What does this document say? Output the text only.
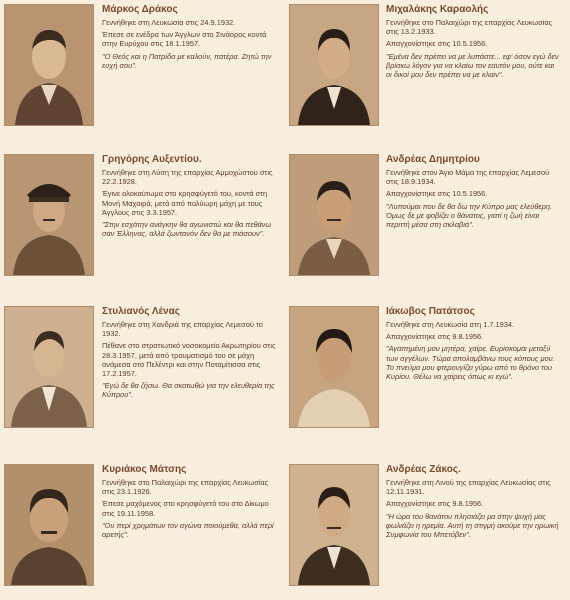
Μάρκος Δράκος

Γεννήθηκε στη Λευκωσία στις 24.9.1932.

Έπεσε σε ενέδρα των Άγγλων στο Σινάορος κοντά στην Ευρύχου στις 18.1.1957.

"Ο Θεός και η Πατρίδα με καλούν, πατέρα. Ζητώ την ευχή σου".

Μιχαλάκης Καραολής

Γεννήθηκε στο Παλαιχώρι της επαρχίας Λευκωσίας στις 13.2.1933.

Απαγχονίστηκε στις 10.5.1956.

"Εμένα δεν πρέπει να με λυπάστε... εφ' όσον εγώ δεν βρίσκω λόγον για να κλαίω τον εαυτόν μου, ούτε και οι δικοί μου δεν πρέπει να με κλαιν".

Γρηγόρης Αυξεντίου.

Γεννήθηκε στη Λύση της επαρχίας Αμμοχώστου στις 22.2.1928.

Έγινε ολοκαύτωμα στο κρησφύγετό του, κοντά στη Μονή Μαχαιρά, μετά από πολύωρη μάχη με τους Άγγλους στις 3.3.1957.

"Στην εσχάτην ανάγκην θα αγωνιστώ και θα πεθάνω σαν Έλληνας, αλλά ζωντανόν δεν θα με πιάσουν".

Ανδρέας Δημητρίου

Γεννήθηκε στον Άγιο Μάμα της επαρχίας Λεμεσού στις 18.9.1934.

Απαγχονίστηκε στις 10.5.1956.

"Λυπούμαι που δε θα δω την Κύπρο μας ελεύθερη. Όμως δε με φοβίζει ο θάνατος, γιατί η ζωή είναι περιττή μέσα στη σκλαβιά".

Στυλιανός Λένας

Γεννήθηκε στη Χανδριά της επαρχίας Λεμεσού το 1932.

Πέθανε στο στρατιωτικό νοσοκομείο Ακρωτηρίου στις 28.3.1957, μετά από τραυματισμό του σε μάχη ανάμεσα στο Πελέντρι και στην Ποταμίτισσα στις 17.2.1957.

"Εγώ δε θα ζήσω. Θα σκοτωθώ για την ελευθερία της Κύπρου".

Ιάκωβος Πατάτσος

Γεννήθηκε στη Λευκωσία στη 1.7.1934.

Απαγχονίστηκε στις 9.8.1956.

"Αγαπημένη μου μητέρα, χαίρε. Ευρίσκομαι μεταξύ των αγγέλων. Τώρα απολαμβάνω τους κόπους μου. Το πνεύμα μου φτερουγίζει γύρω από το θρόνο του Κυρίου. Θέλω να χαίρεις όπως κι εγώ".

Κυριάκος Μάτσης

Γεννήθηκε στο Παλαιχώρι της επαρχίας Λευκωσίας στις 23.1.1926.

Έπεσε μαχόμενος στο κρησφύγετό του στο Δίκωμο στις 19.11.1958.

"Ου περί χρημάτων τον αγώνα ποιούμεθα, αλλά περί αρετής".

Ανδρέας Ζάκος.

Γεννήθηκε στη Λινού της επαρχίας Λευκωσίας στις 12.11.1931.

Απαγχονίστηκε στις 9.8.1956.

"Η ώρα του θανάτου πλησιάζει μα στην ψυχή μας φωλιάζει η ηρεμία. Αυτή τη στιγμή ακούμε την ηρωική Συμφωνία του Μπετόβεν".
